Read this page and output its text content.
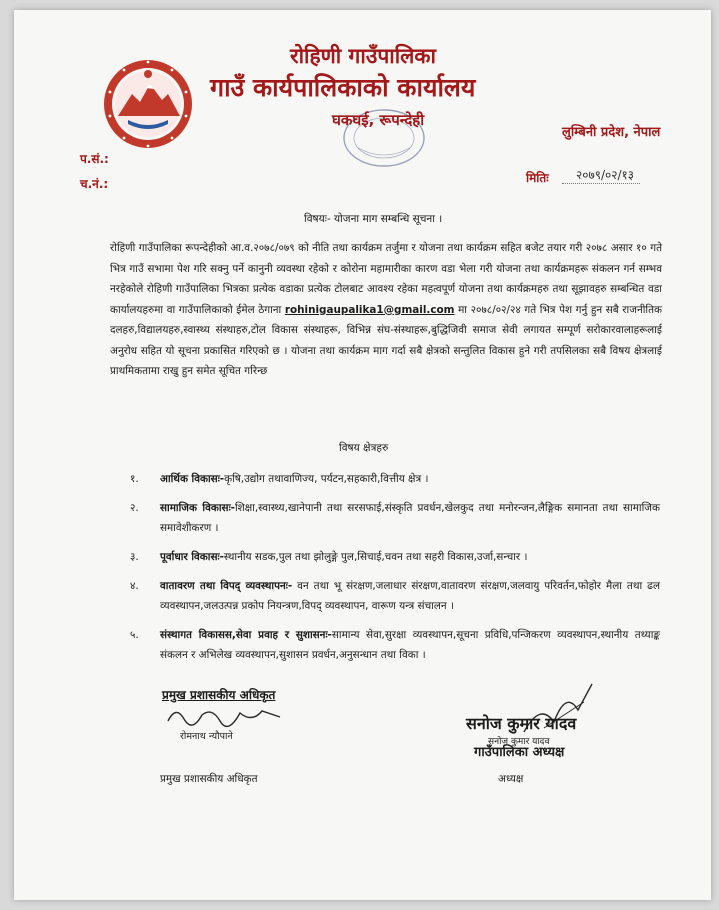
रोहिणी गाउँपालिका
गाउँ कार्यपालिकाको कार्यालय
घकघई, रूपन्देही
लुम्बिनी प्रदेश, नेपाल
प.सं.:
च.नं.:	मितिः	२०७९/०२/१३
विषयः- योजना माग सम्बन्धि सूचना ।

रोहिणी गाउँपालिका रूपन्देहीको आ.व.२०७८/०७९ को नीति तथा कार्यक्रम तर्जुमा र योजना तथा कार्यक्रम सहित बजेट तयार गरी २०७८ असार १० गते भित्र गाउँ सभामा पेश गरि सक्नु पर्ने कानुनी व्यवस्था रहेको र कोरोना महामारीका कारण वडा भेला गरी योजना तथा कार्यक्रमहरू संकलन गर्न सम्भव नरहेकोले रोहिणी गाउँपालिका भित्रका प्रत्येक वडाका प्रत्येक टोलबाट आवश्य रहेका महत्वपूर्ण योजना तथा कार्यक्रमहरु तथा सूझावहरु सम्बन्धित वडा कार्यालयहरुमा वा गाउँपालिकाको ईमेल ठेगाना rohinigaupalika1@gmail.com मा २०७८/०२/२४ गते भित्र पेश गर्नु हुन सबै राजनीतिक दलहरु,विद्यालयहरु,स्वास्थ्य संस्थाहरु,टोल विकास संस्थाहरू, विभिन्न संघ-संस्थाहरू,बुद्धिजिवी समाज सेवी लगायत सम्पूर्ण सरोकारवालाहरूलाई अनुरोध सहित यो सूचना प्रकासित गरिएको छ । योजना तथा कार्यक्रम माग गर्दा सबै क्षेत्रको सन्तुलित विकास हुने गरी तपसिलका सबै विषय क्षेत्रलाई प्राथमिकतामा राखु हुन समेत सूचित गरिन्छ

विषय क्षेत्रहरु
१.	आर्थिक विकासः-कृषि,उद्योग तथावाणिज्य, पर्यटन,सहकारी,वित्तीय क्षेत्र ।
२.	सामाजिक विकासः-शिक्षा,स्वास्थ्य,खानेपानी तथा सरसफाई,संस्कृति प्रवर्धन,खेलकुद तथा मनोरन्जन,लैङ्गिक समानता तथा सामाजिक समावेशीकरण ।
३.	पूर्वाधार विकासः-स्थानीय सडक,पुल तथा झोलुङ्गे पुल,सिचाई,चवन तथा सहरी विकास,उर्जा,सन्चार ।
४.	वातावरण तथा विपद् व्यवस्थापनः- वन तथा भू संरक्षण,जलाधार संरक्षण,वातावरण संरक्षण,जलवायु परिवर्तन,फोहोर मैला तथा ढल व्यवस्थापन,जलउत्पन्न प्रकोप नियन्त्रण,विपद् व्यवस्थापन, वारूण यन्त्र संचालन ।
५.	संस्थागत विकासस,सेवा प्रवाह र सुशासनः-सामान्य सेवा,सुरक्षा व्यवस्थापन,सूचना प्रविधि,पन्जिकरण व्यवस्थापन,स्थानीय तथ्याङ्क संकलन र अभिलेख व्यवस्थापन,सुशासन प्रवर्धन,अनुसन्धान तथा विका ।
प्रमुख प्रशासकीय अधिकृत
रोमनाथ न्यौपाने
प्रमुख प्रशासकीय अधिकृत
सनोज कुमार यादव
सनोज कुमार यादव
गाउँपालिका अध्यक्ष
अध्यक्ष
